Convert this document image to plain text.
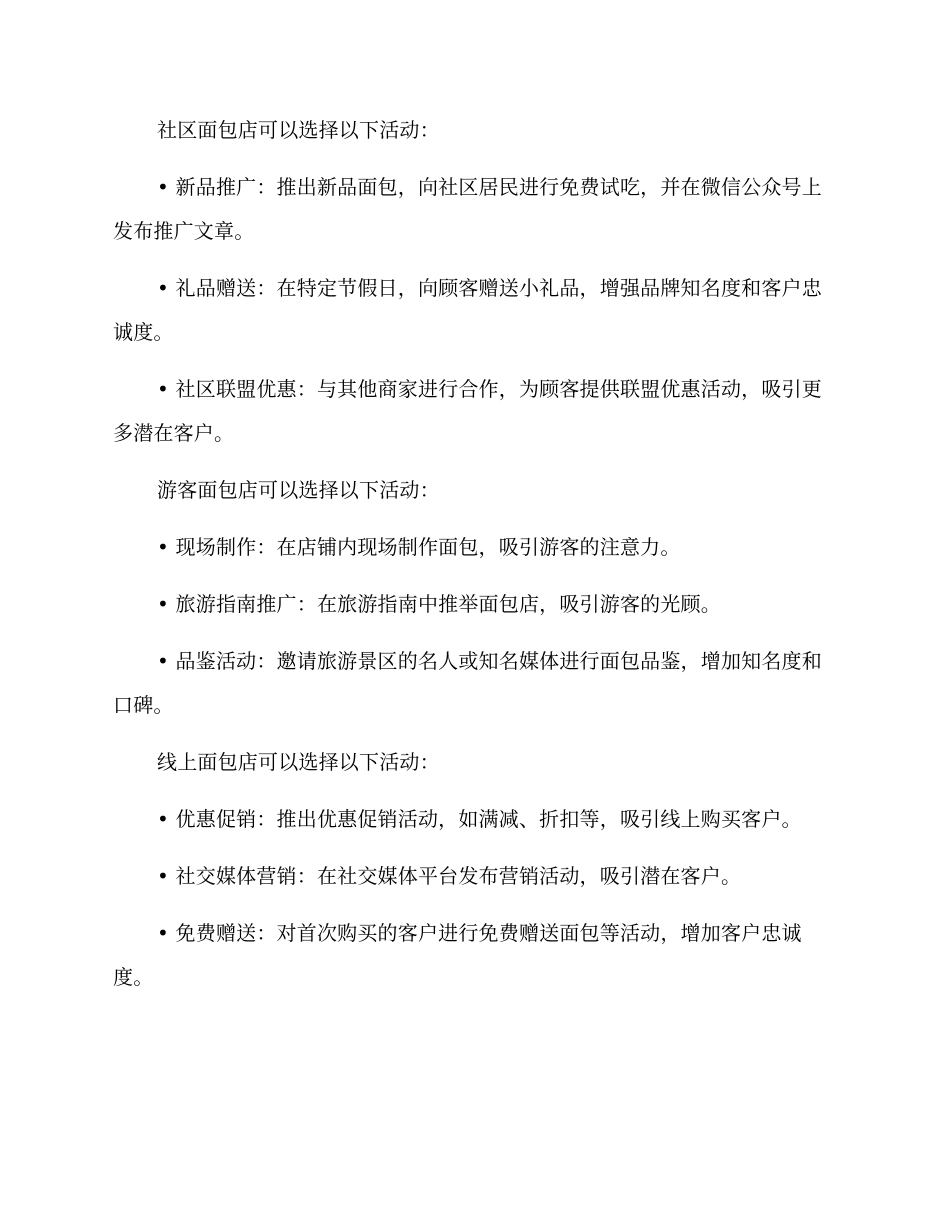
社区面包店可以选择以下活动：

• 新品推广：推出新品面包，向社区居民进行免费试吃，并在微信公众号上发布推广文章。

• 礼品赠送：在特定节假日，向顾客赠送小礼品，增强品牌知名度和客户忠诚度。

• 社区联盟优惠：与其他商家进行合作，为顾客提供联盟优惠活动，吸引更多潜在客户。

游客面包店可以选择以下活动：

• 现场制作：在店铺内现场制作面包，吸引游客的注意力。

• 旅游指南推广：在旅游指南中推举面包店，吸引游客的光顾。

• 品鉴活动：邀请旅游景区的名人或知名媒体进行面包品鉴，增加知名度和口碑。

线上面包店可以选择以下活动：

• 优惠促销：推出优惠促销活动，如满减、折扣等，吸引线上购买客户。

• 社交媒体营销：在社交媒体平台发布营销活动，吸引潜在客户。

• 免费赠送：对首次购买的客户进行免费赠送面包等活动，增加客户忠诚度。
